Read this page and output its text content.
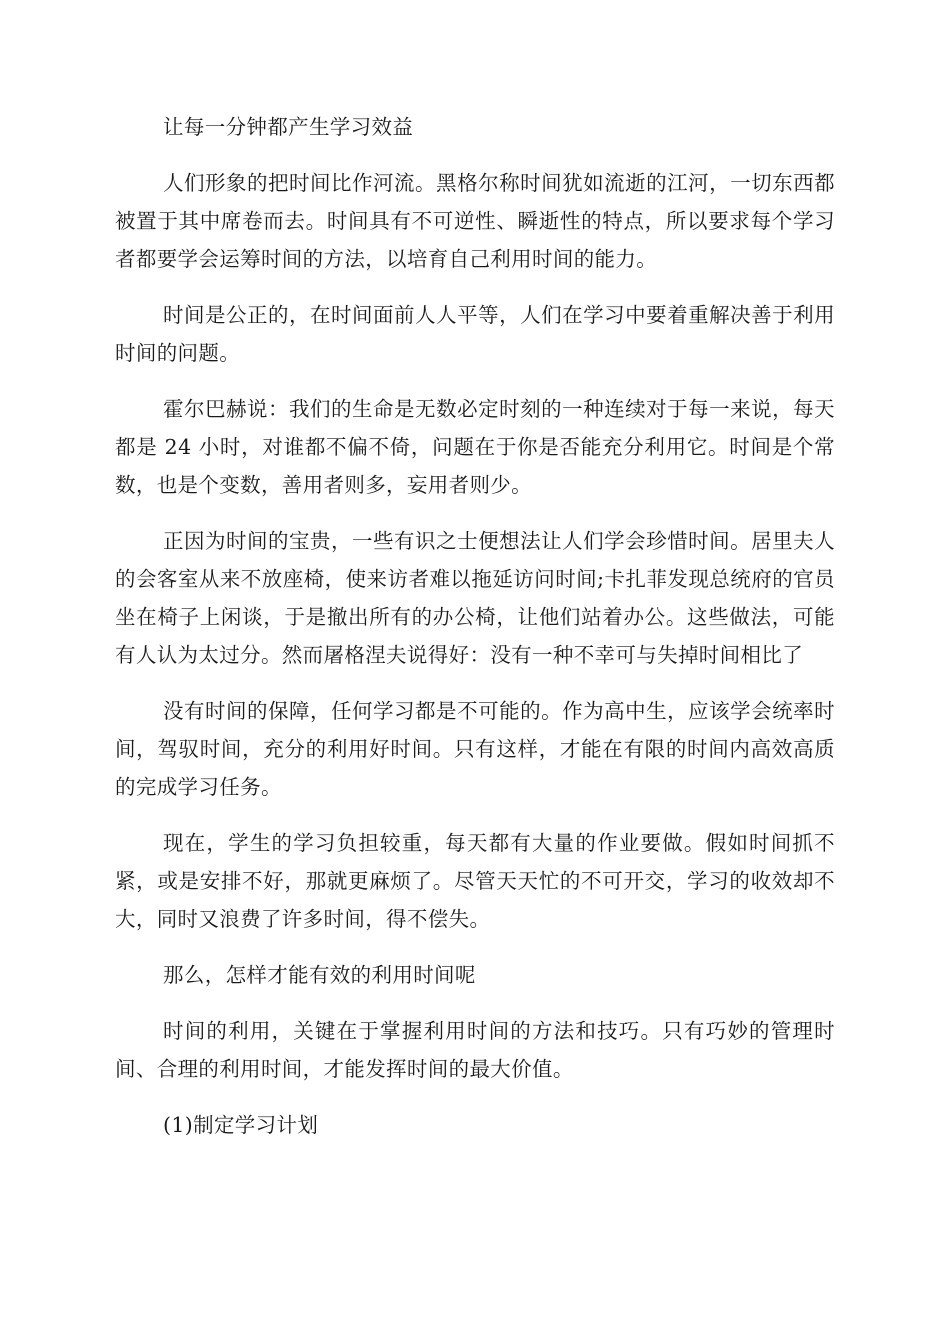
让每一分钟都产生学习效益

人们形象的把时间比作河流。黑格尔称时间犹如流逝的江河，一切东西都被置于其中席卷而去。时间具有不可逆性、瞬逝性的特点，所以要求每个学习者都要学会运筹时间的方法，以培育自己利用时间的能力。

时间是公正的，在时间面前人人平等，人们在学习中要着重解决善于利用时间的问题。

霍尔巴赫说：我们的生命是无数必定时刻的一种连续对于每一来说，每天都是 24 小时，对谁都不偏不倚，问题在于你是否能充分利用它。时间是个常数，也是个变数，善用者则多，妄用者则少。

正因为时间的宝贵，一些有识之士便想法让人们学会珍惜时间。居里夫人的会客室从来不放座椅，使来访者难以拖延访问时间;卡扎菲发现总统府的官员坐在椅子上闲谈，于是撤出所有的办公椅，让他们站着办公。这些做法，可能有人认为太过分。然而屠格涅夫说得好：没有一种不幸可与失掉时间相比了

没有时间的保障，任何学习都是不可能的。作为高中生，应该学会统率时间，驾驭时间，充分的利用好时间。只有这样，才能在有限的时间内高效高质的完成学习任务。

现在，学生的学习负担较重，每天都有大量的作业要做。假如时间抓不紧，或是安排不好，那就更麻烦了。尽管天天忙的不可开交，学习的收效却不大，同时又浪费了许多时间，得不偿失。

那么，怎样才能有效的利用时间呢

时间的利用，关键在于掌握利用时间的方法和技巧。只有巧妙的管理时间、合理的利用时间，才能发挥时间的最大价值。

(1)制定学习计划
